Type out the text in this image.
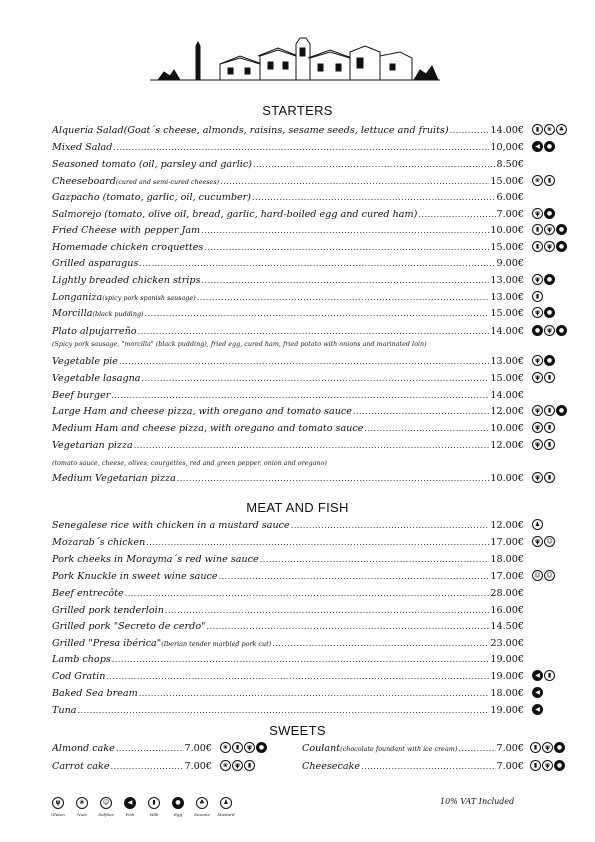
STARTERS
MEAT AND FISH
SWEETS
Alquería Salad (Goat´s cheese, almonds, raisins, sesame seeds, lettuce and fruits) .....	14.00€	▮	❀	♣
Mixed Salad .....	10,00€	◀	●
Seasoned tomato (oil, parsley and garlic) .....	8.50€
Cheeseboard (cured and semi-cured cheeses) .....	15.00€	❀	▮
Gazpacho (tomato, garlic, oil, cucumber) .....	6.00€
Salmorejo (tomato, olive oil, bread, garlic, hard-boiled egg and cured ham) .....	7.00€	ψ	●
Fried Cheese with pepper Jam .....	10.00€	▮	ψ	●
Homemade chicken croquettes .....	15.00€	▮	ψ	●
Grilled asparagus .....	9.00€
Lightly breaded chicken strips .....	13.00€	ψ	●
Longaniza (spicy pork spanish sausage) .....	13.00€	▮
Morcilla (black pudding) .....	15.00€	ψ	●
Plato alpujarreño .....	14.00€	●	ψ	●
Vegetable pie .....	13.00€	ψ	●
Vegetable lasagna .....	15.00€	ψ	▮
Beef burger .....	14.00€
Large Ham and cheese pizza, with oregano and tomato sauce .....	12.00€	ψ	▮	●
Medium Ham and cheese pizza, with oregano and tomato sauce .....	10.00€	ψ	▮
Vegetarian pizza .....	12.00€	ψ	▮
Medium Vegetarian pizza .....	10.00€	ψ	▮
Senegalese rice with chicken in a mustard sauce .....	12.00€	♟
Mozarab´s chicken .....	17.00€	ψ	☺
Pork cheeks in Morayma´s red wine sauce .....	18.00€
Pork Knuckle in sweet wine sauce .....	17.00€	☺ ☺
Beef entrecôte .....	28.00€
Grilled pork tenderloin .....	16.00€
Grilled pork "Secreto de cerdo" .....	14.50€
Grilled "Presa ibérica" (Iberian tender marbled pork cut) .....	23.00€
Lamb chops .....	19.00€
Cod Gratin .....	19.00€	◀	▮
Baked Sea bream .....	18.00€	◀
Tuna .....	19.00€	◀
Almond cake .....	7.00€	❀	▮	ψ	●
Carrot cake .....	7.00€	❀	ψ	▮
Coulant (chocolate foundant with ice cream) .....	7.00€	▮	ψ	●
Cheesecake .....	7.00€	▮	ψ	●
(Spicy pork sausage, "morcilla" (black pudding), fried egg, cured ham, fried potato with onions and marinated loin)
(tomato sauce, cheese, olives, courgettes, red and green pepper, onion and oregano)
ψ
Gluten
❀
Nuts
☺
Sulfites
◀
Fish
▮
Milk
●
Egg
♣
Sesame
♟
Mustard
10% VAT Included
